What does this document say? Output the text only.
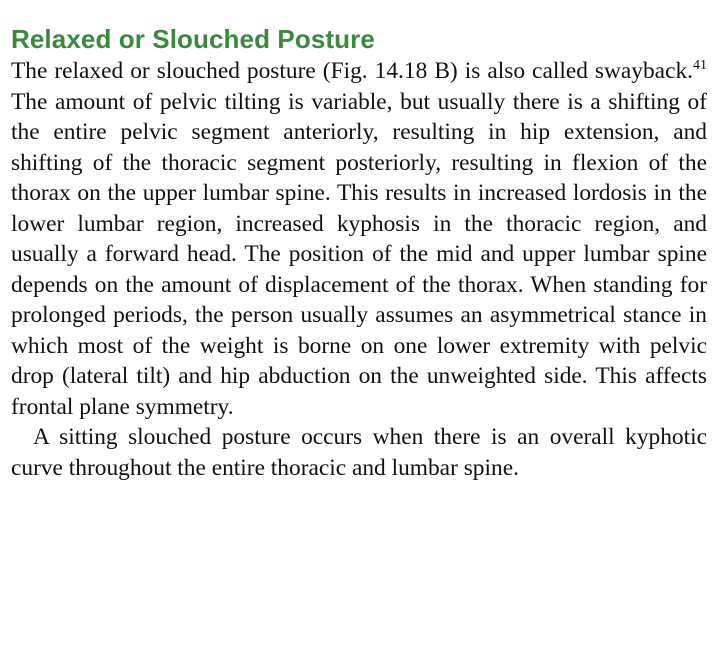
Relaxed or Slouched Posture

The relaxed or slouched posture (Fig. 14.18 B) is also called swayback.$^{41}$ The amount of pelvic tilting is variable, but usually there is a shifting of the entire pelvic segment anteriorly, resulting in hip extension, and shifting of the thoracic segment posteriorly, resulting in flexion of the thorax on the upper lumbar spine. This results in increased lordosis in the lower lumbar region, increased kyphosis in the thoracic region, and usually a forward head. The position of the mid and upper lumbar spine depends on the amount of displacement of the thorax. When standing for prolonged periods, the person usually assumes an asymmetrical stance in which most of the weight is borne on one lower extremity with pelvic drop (lateral tilt) and hip abduction on the unweighted side. This affects frontal plane symmetry.

A sitting slouched posture occurs when there is an overall kyphotic curve throughout the entire thoracic and lumbar spine.
